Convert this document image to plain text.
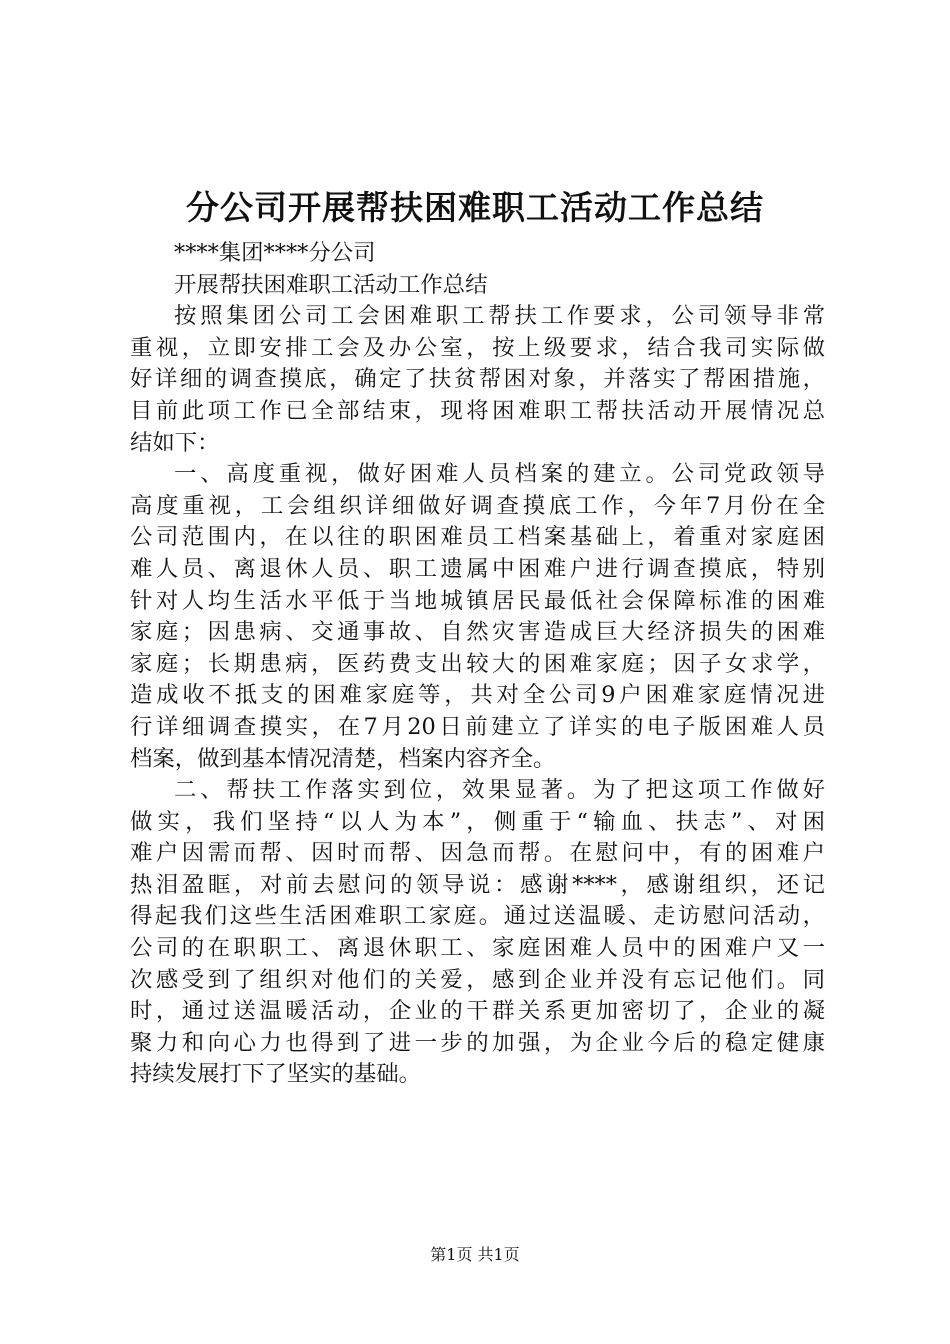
分公司开展帮扶困难职工活动工作总结
****集团****分公司
开展帮扶困难职工活动工作总结
按照集团公司工会困难职工帮扶工作要求，公司领导非常
重视，立即安排工会及办公室，按上级要求，结合我司实际做
好详细的调查摸底，确定了扶贫帮困对象，并落实了帮困措施，
目前此项工作已全部结束，现将困难职工帮扶活动开展情况总
结如下：
一、高度重视，做好困难人员档案的建立。公司党政领导
高度重视，工会组织详细做好调查摸底工作，今年7月份在全
公司范围内，在以往的职困难员工档案基础上，着重对家庭困
难人员、离退休人员、职工遗属中困难户进行调查摸底，特别
针对人均生活水平低于当地城镇居民最低社会保障标准的困难
家庭；因患病、交通事故、自然灾害造成巨大经济损失的困难
家庭；长期患病，医药费支出较大的困难家庭；因子女求学，
造成收不抵支的困难家庭等，共对全公司9户困难家庭情况进
行详细调查摸实，在7月20日前建立了详实的电子版困难人员
档案，做到基本情况清楚，档案内容齐全。
二、帮扶工作落实到位，效果显著。为了把这项工作做好
做实，我们坚持“以人为本”，侧重于“输血、扶志”、对困
难户因需而帮、因时而帮、因急而帮。在慰问中，有的困难户
热泪盈眶，对前去慰问的领导说：感谢****，感谢组织，还记
得起我们这些生活困难职工家庭。通过送温暖、走访慰问活动，
公司的在职职工、离退休职工、家庭困难人员中的困难户又一
次感受到了组织对他们的关爱，感到企业并没有忘记他们。同
时，通过送温暖活动，企业的干群关系更加密切了，企业的凝
聚力和向心力也得到了进一步的加强，为企业今后的稳定健康
持续发展打下了坚实的基础。
第1页 共1页
